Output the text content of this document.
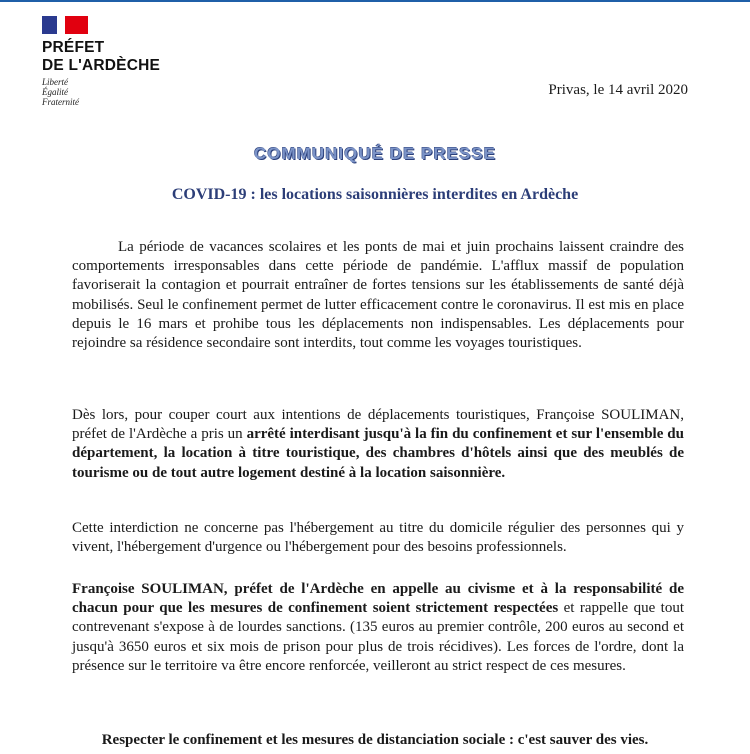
PRÉFET
DE L'ARDÈCHE
Liberté
Égalité
Fraternité
Privas, le 14 avril 2020
COMMUNIQUÉ DE PRESSE
COVID-19 : les locations saisonnières interdites en Ardèche

La période de vacances scolaires et les ponts de mai et juin prochains laissent craindre des comportements irresponsables dans cette période de pandémie. L'afflux massif de population favoriserait la contagion et pourrait entraîner de fortes tensions sur les établissements de santé déjà mobilisés. Seul le confinement permet de lutter efficacement contre le coronavirus. Il est mis en place depuis le 16 mars et prohibe tous les déplacements non indispensables. Les déplacements pour rejoindre sa résidence secondaire sont interdits, tout comme les voyages touristiques.

Dès lors, pour couper court aux intentions de déplacements touristiques, Françoise SOULIMAN, préfet de l'Ardèche a pris un arrêté interdisant jusqu'à la fin du confinement et sur l'ensemble du département, la location à titre touristique, des chambres d'hôtels ainsi que des meublés de tourisme ou de tout autre logement destiné à la location saisonnière.

Cette interdiction ne concerne pas l'hébergement au titre du domicile régulier des personnes qui y vivent, l'hébergement d'urgence ou l'hébergement pour des besoins professionnels.

Françoise SOULIMAN, préfet de l'Ardèche en appelle au civisme et à la responsabilité de chacun pour que les mesures de confinement soient strictement respectées et rappelle que tout contrevenant s'expose à de lourdes sanctions. (135 euros au premier contrôle, 200 euros au second et jusqu'à 3650 euros et six mois de prison pour plus de trois récidives). Les forces de l'ordre, dont la présence sur le territoire va être encore renforcée, veilleront au strict respect de ces mesures.

Respecter le confinement et les mesures de distanciation sociale : c'est sauver des vies.
